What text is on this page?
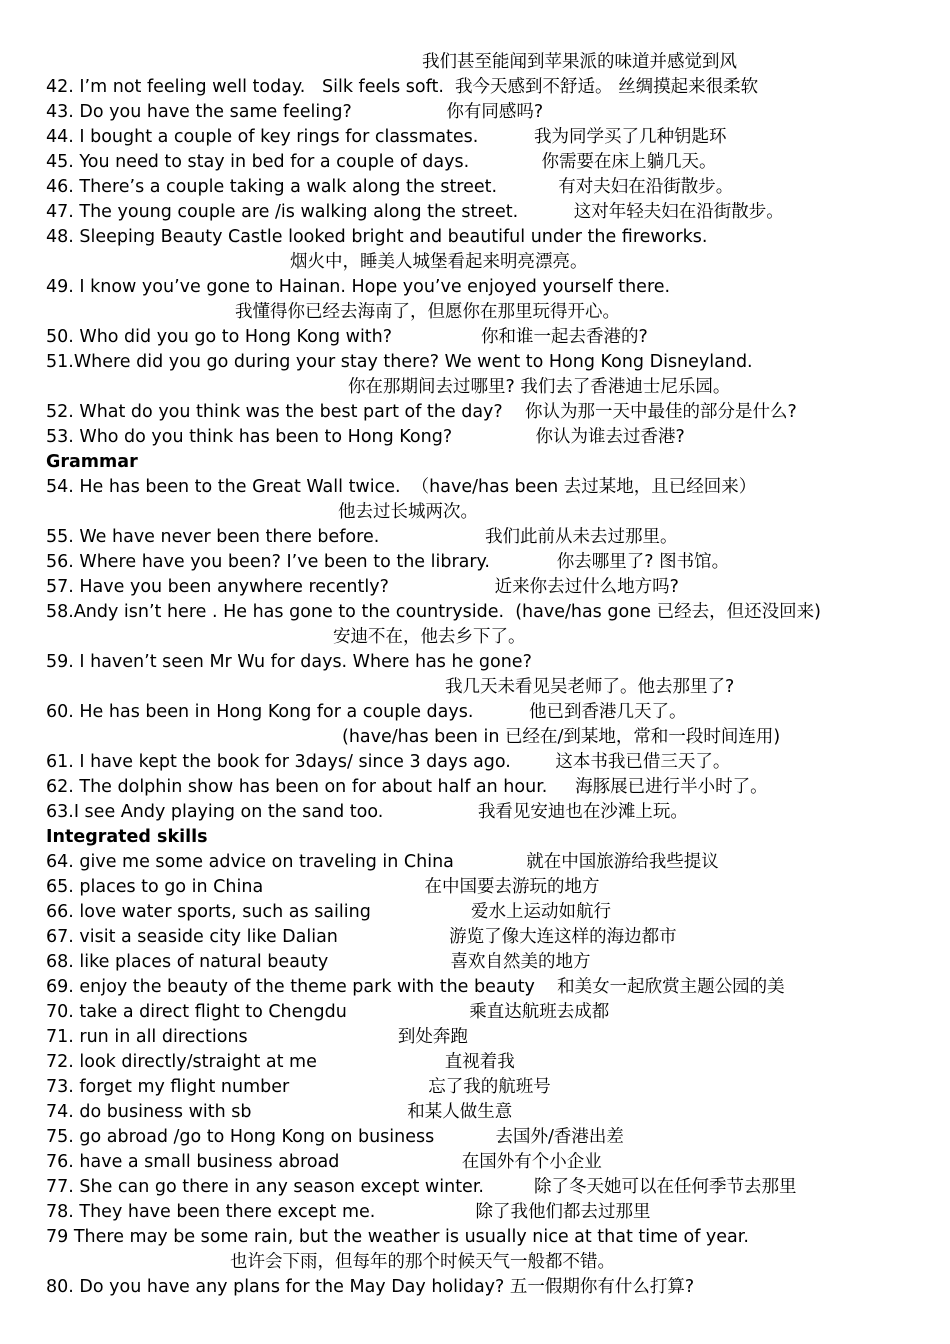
我们甚至能闻到苹果派的味道并感觉到风
42. I’m not feeling well today.   Silk feels soft.  我今天感到不舒适。 丝绸摸起来很柔软
43. Do you have the same feeling?                 你有同感吗?
44. I bought a couple of key rings for classmates.          我为同学买了几种钥匙环
45. You need to stay in bed for a couple of days.             你需要在床上躺几天。
46. There’s a couple taking a walk along the street.           有对夫妇在沿街散步。
47. The young couple are /is walking along the street.          这对年轻夫妇在沿街散步。
48. Sleeping Beauty Castle looked bright and beautiful under the fireworks.
烟火中，睡美人城堡看起来明亮漂亮。
49. I know you’ve gone to Hainan. Hope you’ve enjoyed yourself there.
我懂得你已经去海南了，但愿你在那里玩得开心。
50. Who did you go to Hong Kong with?                你和谁一起去香港的?
51.Where did you go during your stay there? We went to Hong Kong Disneyland.
你在那期间去过哪里? 我们去了香港迪士尼乐园。
52. What do you think was the best part of the day?    你认为那一天中最佳的部分是什么?
53. Who do you think has been to Hong Kong?               你认为谁去过香港?
Grammar
54. He has been to the Great Wall twice.  （have/has been 去过某地，且已经回来）
他去过长城两次。
55. We have never been there before.                   我们此前从未去过那里。
56. Where have you been? I’ve been to the library.            你去哪里了? 图书馆。
57. Have you been anywhere recently?                   近来你去过什么地方吗?
58.Andy isn’t here . He has gone to the countryside.  (have/has gone 已经去，但还没回来)
安迪不在，他去乡下了。
59. I haven’t seen Mr Wu for days. Where has he gone?
我几天未看见吴老师了。他去那里了?
60. He has been in Hong Kong for a couple days.          他已到香港几天了。
(have/has been in 已经在/到某地，常和一段时间连用)
61. I have kept the book for 3days/ since 3 days ago.        这本书我已借三天了。
62. The dolphin show has been on for about half an hour.     海豚展已进行半小时了。
63.I see Andy playing on the sand too.                 我看见安迪也在沙滩上玩。
Integrated skills
64. give me some advice on traveling in China             就在中国旅游给我些提议
65. places to go in China                             在中国要去游玩的地方
66. love water sports, such as sailing                  爱水上运动如航行
67. visit a seaside city like Dalian                    游览了像大连这样的海边都市
68. like places of natural beauty                      喜欢自然美的地方
69. enjoy the beauty of the theme park with the beauty    和美女一起欣赏主题公园的美
70. take a direct flight to Chengdu                      乘直达航班去成都
71. run in all directions                           到处奔跑
72. look directly/straight at me                       直视着我
73. forget my flight number                         忘了我的航班号
74. do business with sb                            和某人做生意
75. go abroad /go to Hong Kong on business           去国外/香港出差
76. have a small business abroad                      在国外有个小企业
77. She can go there in any season except winter.         除了冬天她可以在任何季节去那里
78. They have been there except me.                  除了我他们都去过那里
79 There may be some rain, but the weather is usually nice at that time of year.
也许会下雨，但每年的那个时候天气一般都不错。
80. Do you have any plans for the May Day holiday? 五一假期你有什么打算?
